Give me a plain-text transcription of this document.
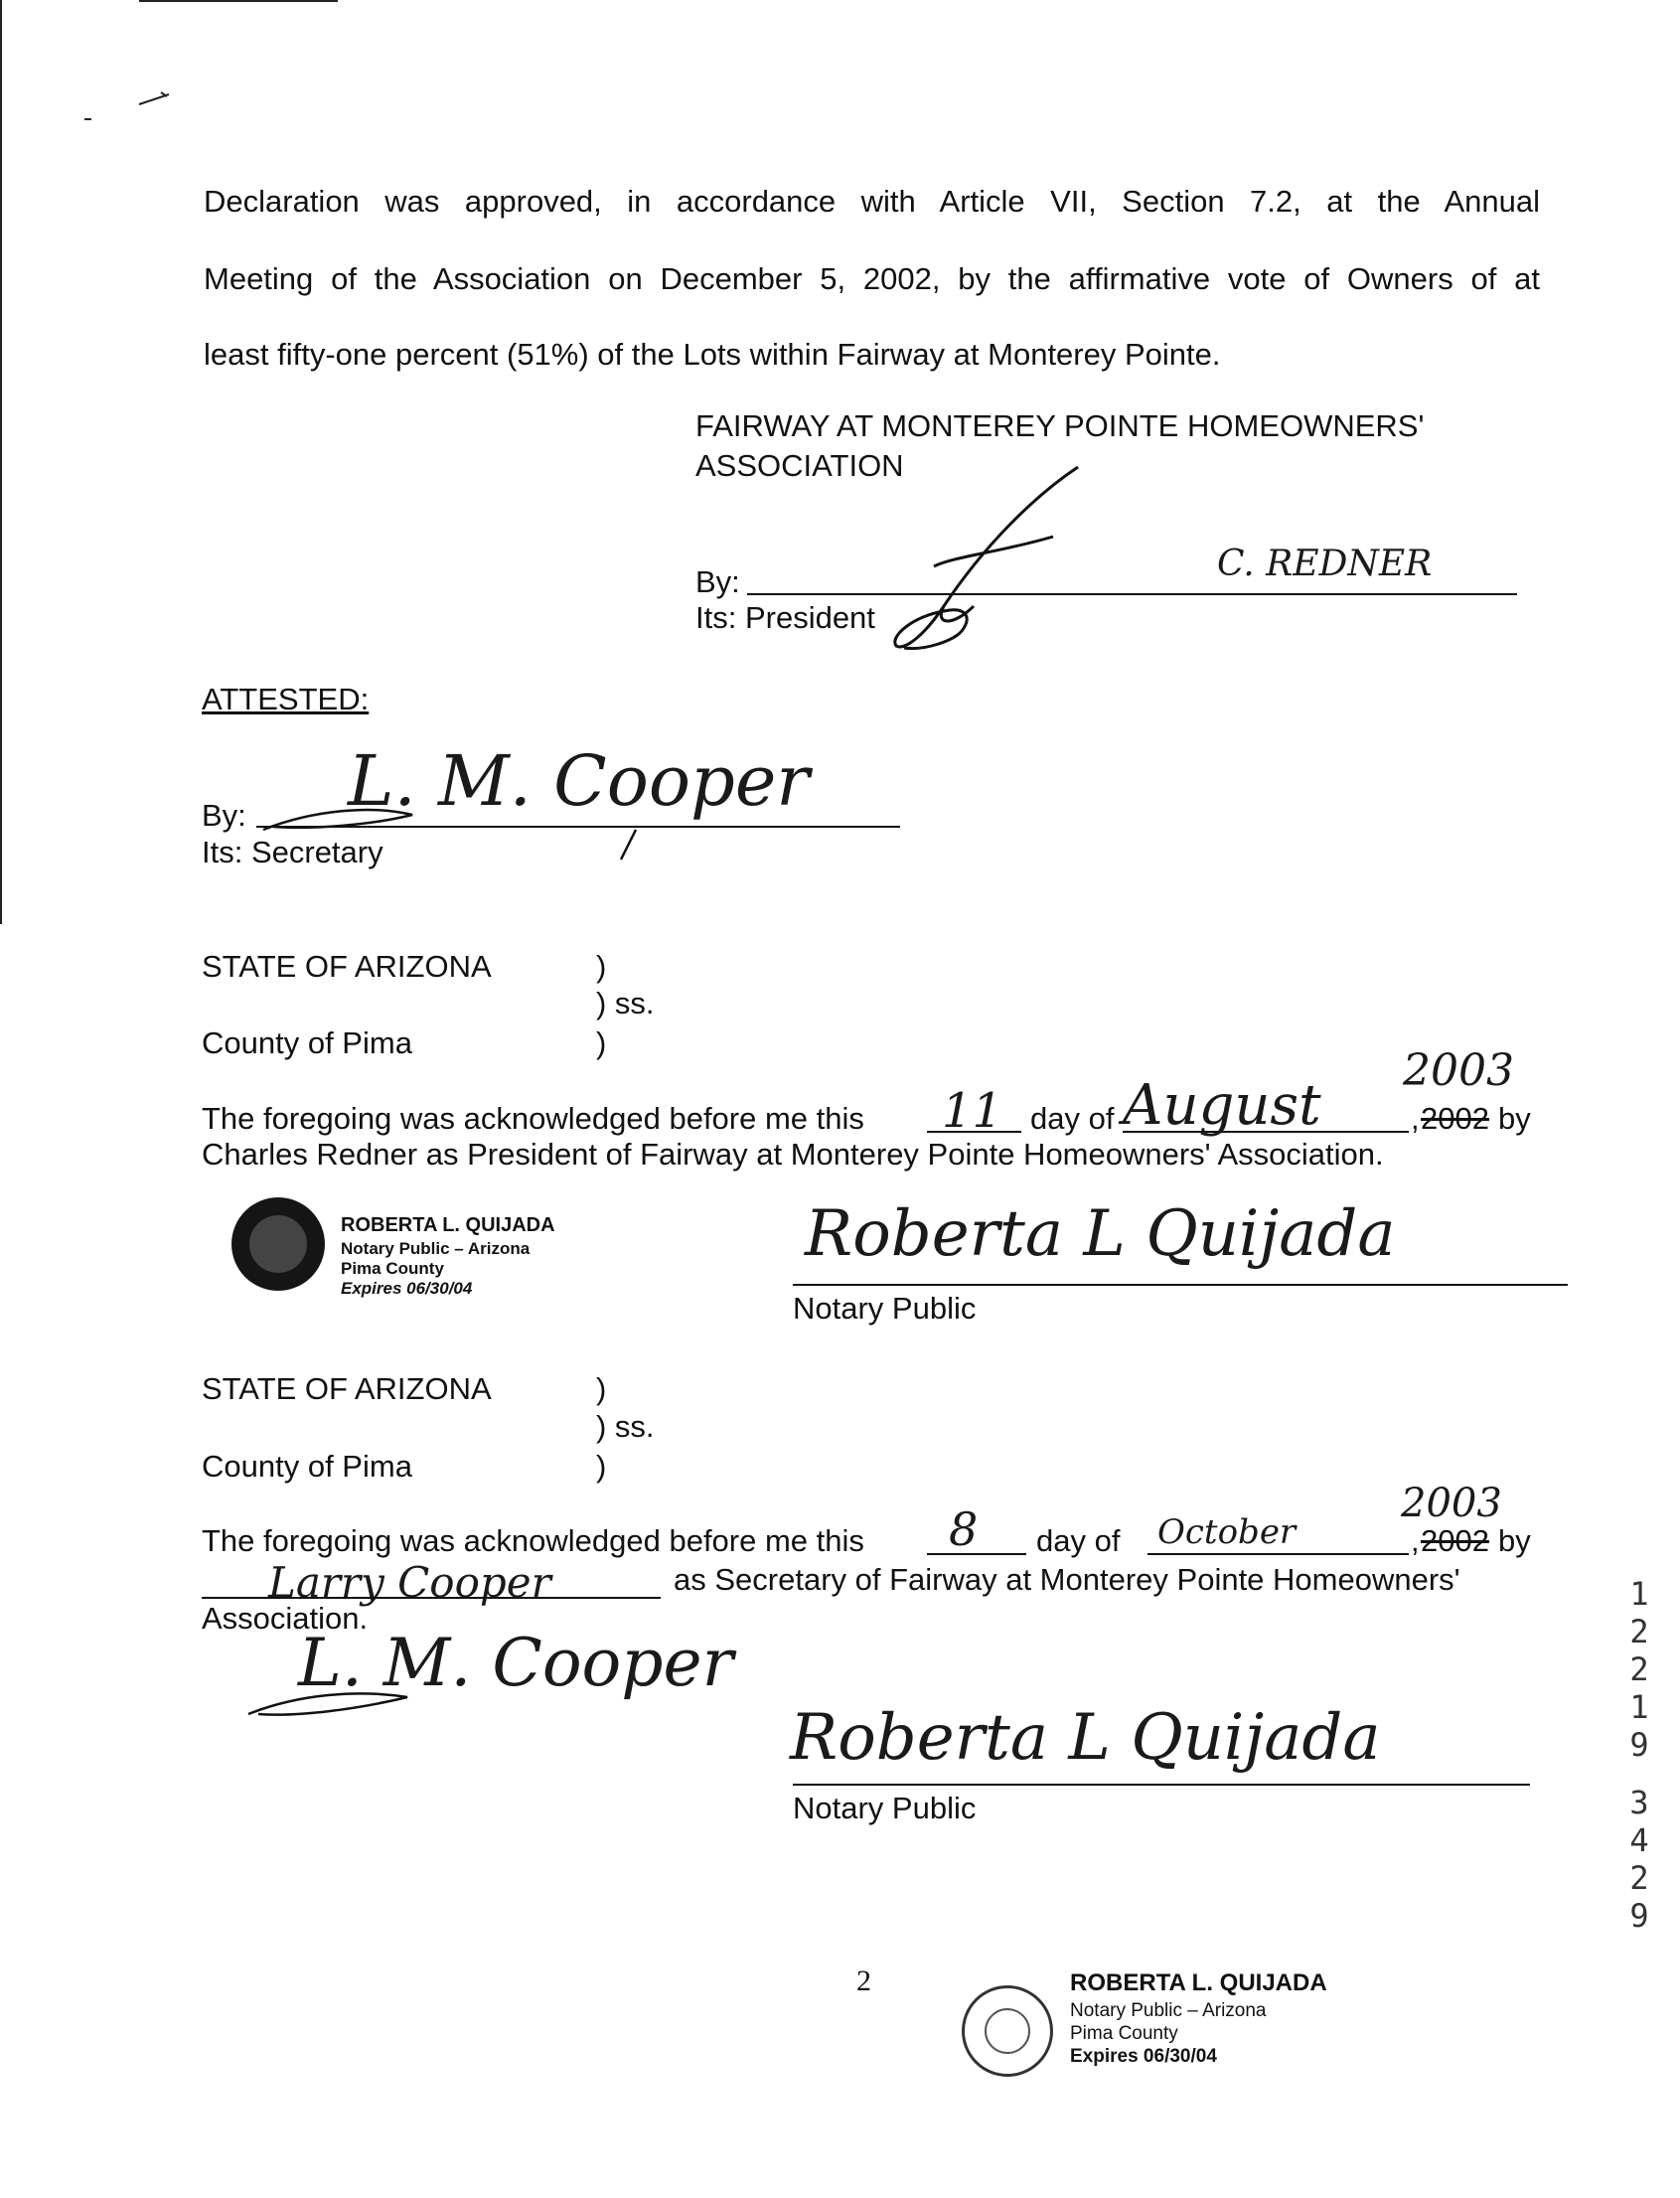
Declaration was approved, in accordance with Article VII, Section 7.2, at the Annual
Meeting of the Association on December 5, 2002, by the affirmative vote of Owners of at
least fifty-one percent (51%) of the Lots within Fairway at Monterey Pointe.
FAIRWAY AT MONTEREY POINTE HOMEOWNERS'
ASSOCIATION
By:
Its: President
C. REDNER
ATTESTED:
By:
Its: Secretary
L. M. Cooper
STATE OF ARIZONA	)
) ss.
County of Pima	)
The foregoing was acknowledged before me this 11 day of August	, 2002
2003
by
Charles Redner as President of Fairway at Monterey Pointe Homeowners' Association.
ROBERTA L. QUIJADA
Notary Public – Arizona
Pima County
Expires 06/30/04
Roberta L Quijada
Notary Public
STATE OF ARIZONA	)
) ss.
County of Pima	)
The foregoing was acknowledged before me this 8 day of October	, 2002
2003
by
Larry Cooper	as Secretary of Fairway at Monterey Pointe Homeowners'
Association.
L. M. Cooper
Roberta L Quijada
Notary Public
2	ROBERTA L. QUIJADA
Notary Public – Arizona
Pima County
Expires 06/30/04
1
2
2
1
9
3
4
2
9
